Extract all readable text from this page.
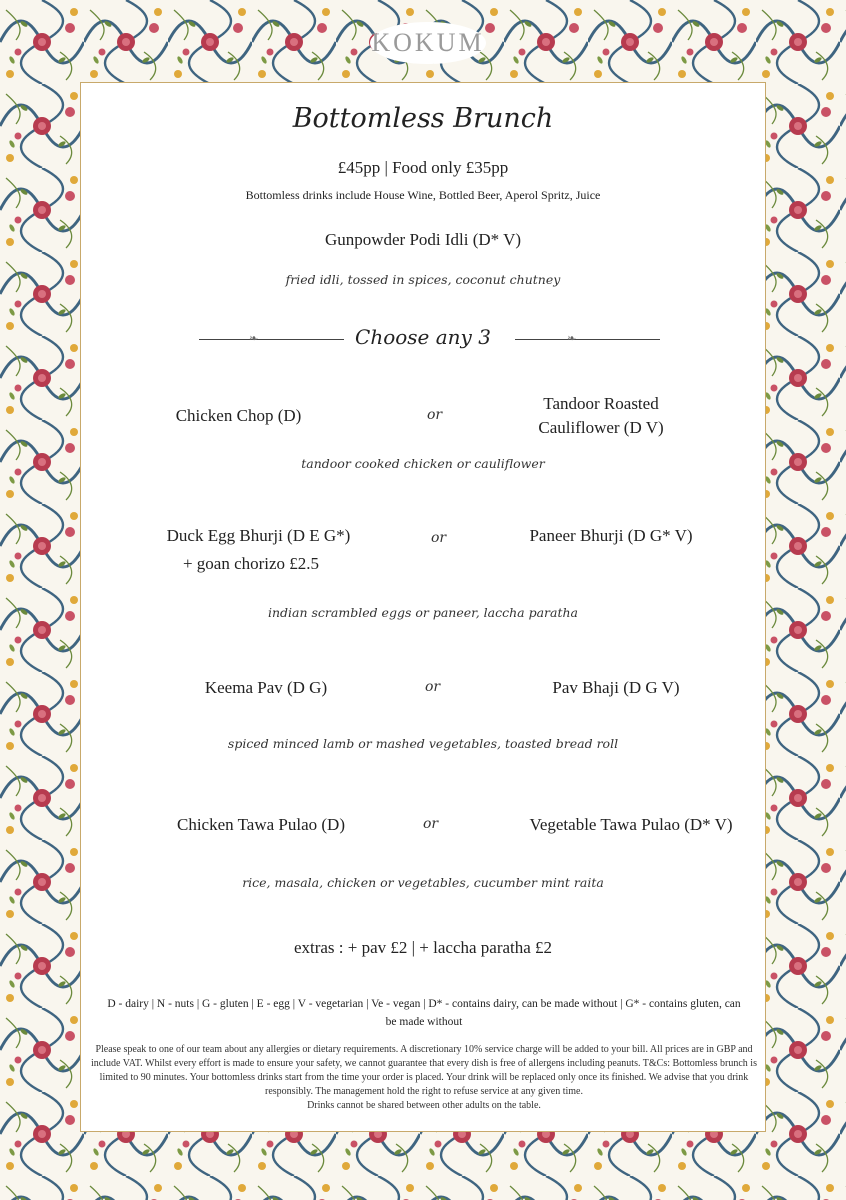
KOKUM
Bottomless Brunch
£45pp | Food only £35pp
Bottomless drinks include House Wine, Bottled Beer, Aperol Spritz, Juice
Gunpowder Podi Idli (D* V)
fried idli, tossed in spices, coconut chutney
❧	Choose any 3	❧
Chicken Chop (D)	or
Tandoor Roasted
Cauliflower (D V)
tandoor cooked chicken or cauliflower
Duck Egg Bhurji (D E G*)
+ goan chorizo £2.5
or	Paneer Bhurji (D G* V)
indian scrambled eggs or paneer, laccha paratha
Keema Pav (D G)	or	Pav Bhaji (D G V)
spiced minced lamb or mashed vegetables, toasted bread roll
Chicken Tawa Pulao (D)	or	Vegetable Tawa Pulao (D* V)
rice, masala, chicken or vegetables, cucumber mint raita
extras : + pav £2 | + laccha paratha £2
D - dairy | N - nuts | G - gluten | E - egg | V - vegetarian | Ve - vegan | D* - contains dairy, can be made without | G* - contains gluten, can be made without
Please speak to one of our team about any allergies or dietary requirements. A discretionary 10% service charge will be added to your bill. All prices are in GBP and include VAT. Whilst every effort is made to ensure your safety, we cannot guarantee that every dish is free of allergens including peanuts. T&Cs: Bottomless brunch is limited to 90 minutes. Your bottomless drinks start from the time your order is placed. Your drink will be replaced only once its finished. We advise that you drink responsibly. The management hold the right to refuse service at any given time.
Drinks cannot be shared between other adults on the table.
